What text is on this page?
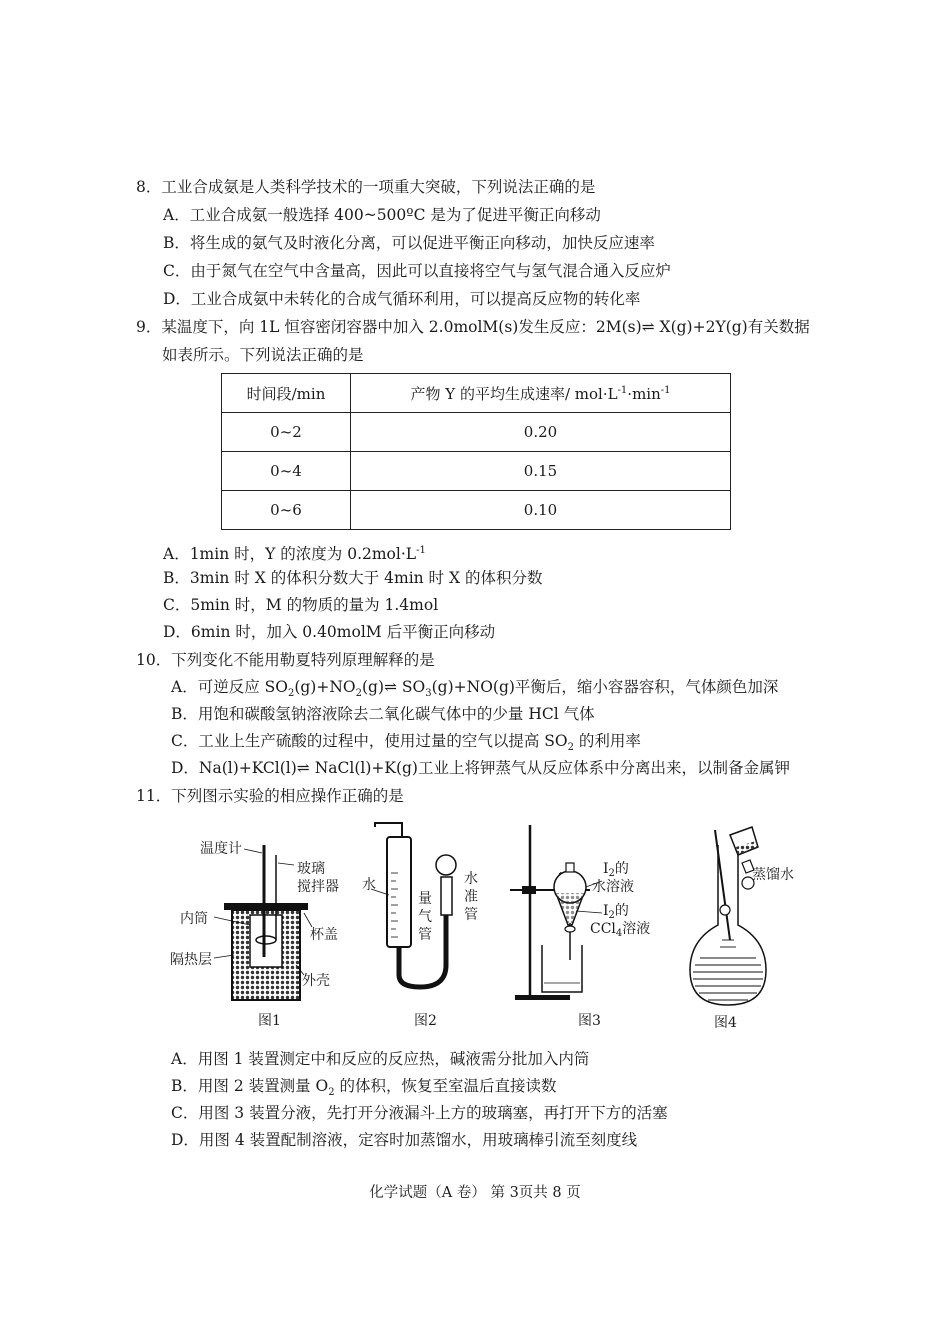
8．工业合成氨是人类科学技术的一项重大突破，下列说法正确的是
A．工业合成氨一般选择 400~500ºC 是为了促进平衡正向移动
B．将生成的氨气及时液化分离，可以促进平衡正向移动，加快反应速率
C．由于氮气在空气中含量高，因此可以直接将空气与氢气混合通入反应炉
D．工业合成氨中未转化的合成气循环利用，可以提高反应物的转化率
9．某温度下，向 1L 恒容密闭容器中加入 2.0molM(s)发生反应：2M(s)⇌ X(g)+2Y(g)有关数据
如表所示。下列说法正确的是
时间段/min	产物 Y 的平均生成速率/ $mol\cdot L^{-1}\cdot\min^{-1}$
0~2	0.20
0~4	0.15
0~6	0.10
A．1min 时，Y 的浓度为 $0.2mol\cdot L^{-1}$
B．3min 时 X 的体积分数大于 4min 时 X 的体积分数
C．5min 时，M 的物质的量为 1.4mol
D．6min 时，加入 0.40molM 后平衡正向移动
10．下列变化不能用勒夏特列原理解释的是
A．可逆反应 $SO_2(g)+NO_2(g)\rightleftharpoons$ $SO_3(g)+NO(g)$平衡后，缩小容器容积，气体颜色加深
B．用饱和碳酸氢钠溶液除去二氧化碳气体中的少量 HCl 气体
C．工业上生产硫酸的过程中，使用过量的空气以提高 $SO_2$ 的利用率
D．Na(l)+KCl(l)⇌ NaCl(l)+K(g)工业上将钾蒸气从反应体系中分离出来，以制备金属钾
11．下列图示实验的相应操作正确的是
温度计
玻璃
搅拌器
内筒
杯盖
隔热层
外壳
图1
水
量
气
管
水
准
管
图2
$I_2$的
水溶液
$I_2$的
CCl$_4$溶液
图3
蒸馏水
图4
A．用图 1 装置测定中和反应的反应热，碱液需分批加入内筒
B．用图 2 装置测量 $O_2$ 的体积，恢复至室温后直接读数
C．用图 3 装置分液，先打开分液漏斗上方的玻璃塞，再打开下方的活塞
D．用图 4 装置配制溶液，定容时加蒸馏水，用玻璃棒引流至刻度线
化学试题（A 卷） 第 3页共 8 页
